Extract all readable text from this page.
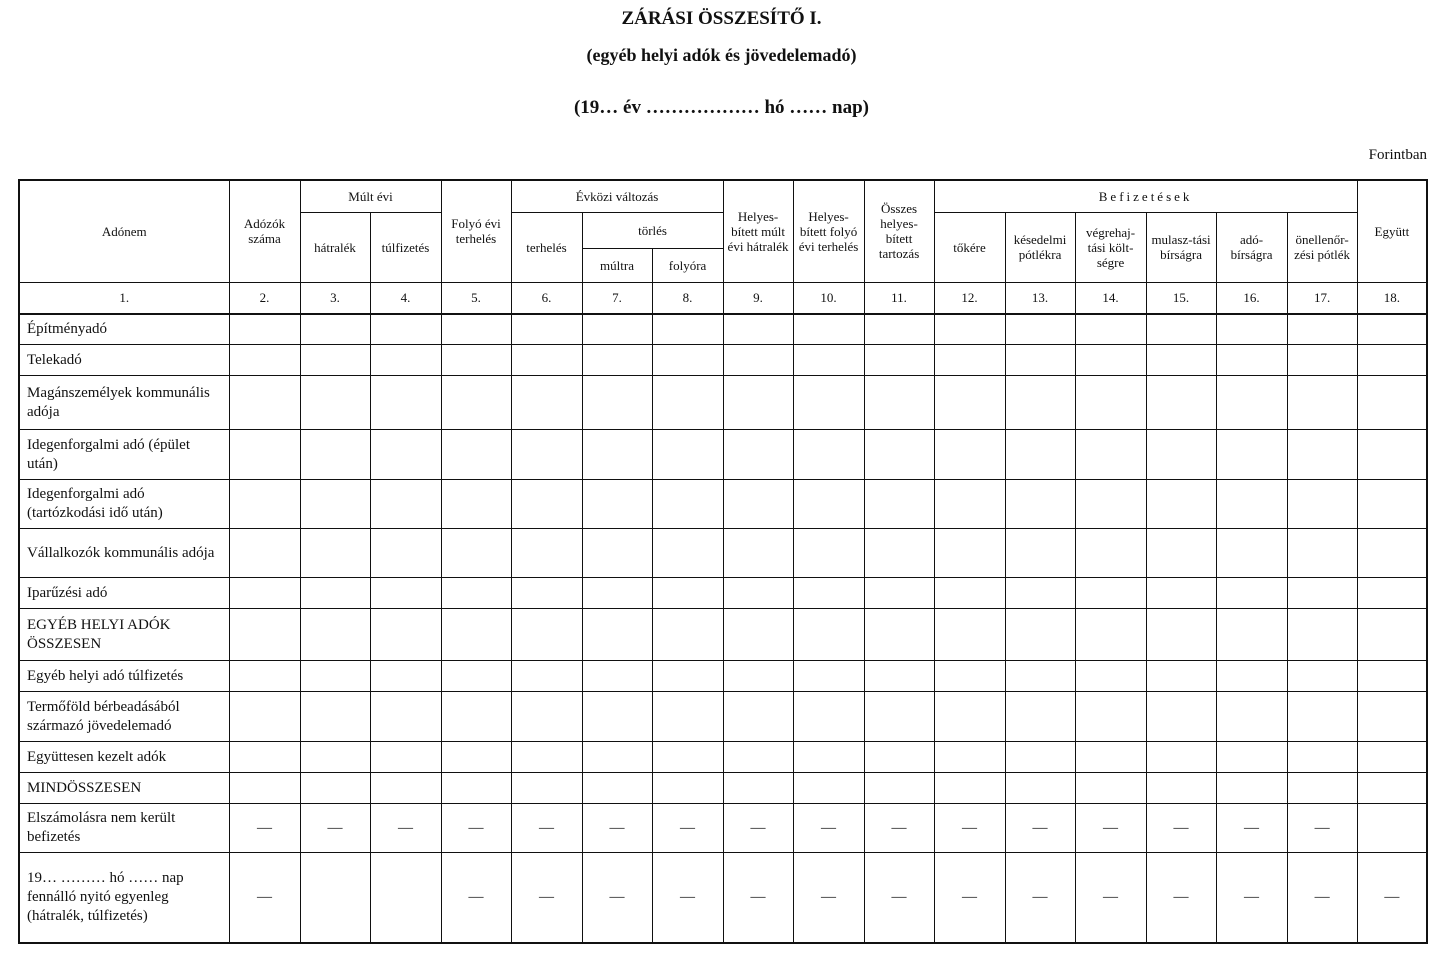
ZÁRÁSI ÖSSZESÍTŐ I.
(egyéb helyi adók és jövedelemadó)
(19… év ……………… hó …… nap)
Forintban
Adónem	Adózók száma	Múlt évi		Folyó évi terhelés	Évközi változás			Helyes-bített múlt évi hátralék	Helyes-bített folyó évi terhelés	Összes helyes-bített tartozás	Befizetések						Együtt
		hátralék	túlfizetés		terhelés	törlés					tőkére	késedelmi pótlékra	végrehaj-tási költ-ségre	mulasz-tási bírságra	adó-bírságra	önellenőr-zési pótlék	
						múltra	folyóra										
1.	2.	3.	4.	5.	6.	7.	8.	9.	10.	11.	12.	13.	14.	15.	16.	17.	18.
Építményadó																	
Telekadó																	
Magánszemélyek kommunális adója																	
Idegenforgalmi adó (épület után)																	
Idegenforgalmi adó (tartózkodási idő után)																	
Vállalkozók kommunális adója																	
Iparűzési adó																	
EGYÉB HELYI ADÓK ÖSSZESEN																	
Egyéb helyi adó túlfizetés																	
Termőföld bérbeadásából származó jövedelemadó																	
Együttesen kezelt adók																	
MINDÖSSZESEN																	
Elszámolásra nem került befizetés	—	—	—	—	—	—	—	—	—	—	—	—	—	—	—	—	
19… ……… hó …… nap fennálló nyitó egyenleg (hátralék, túlfizetés)	—			—	—	—	—	—	—	—	—	—	—	—	—	—	—
